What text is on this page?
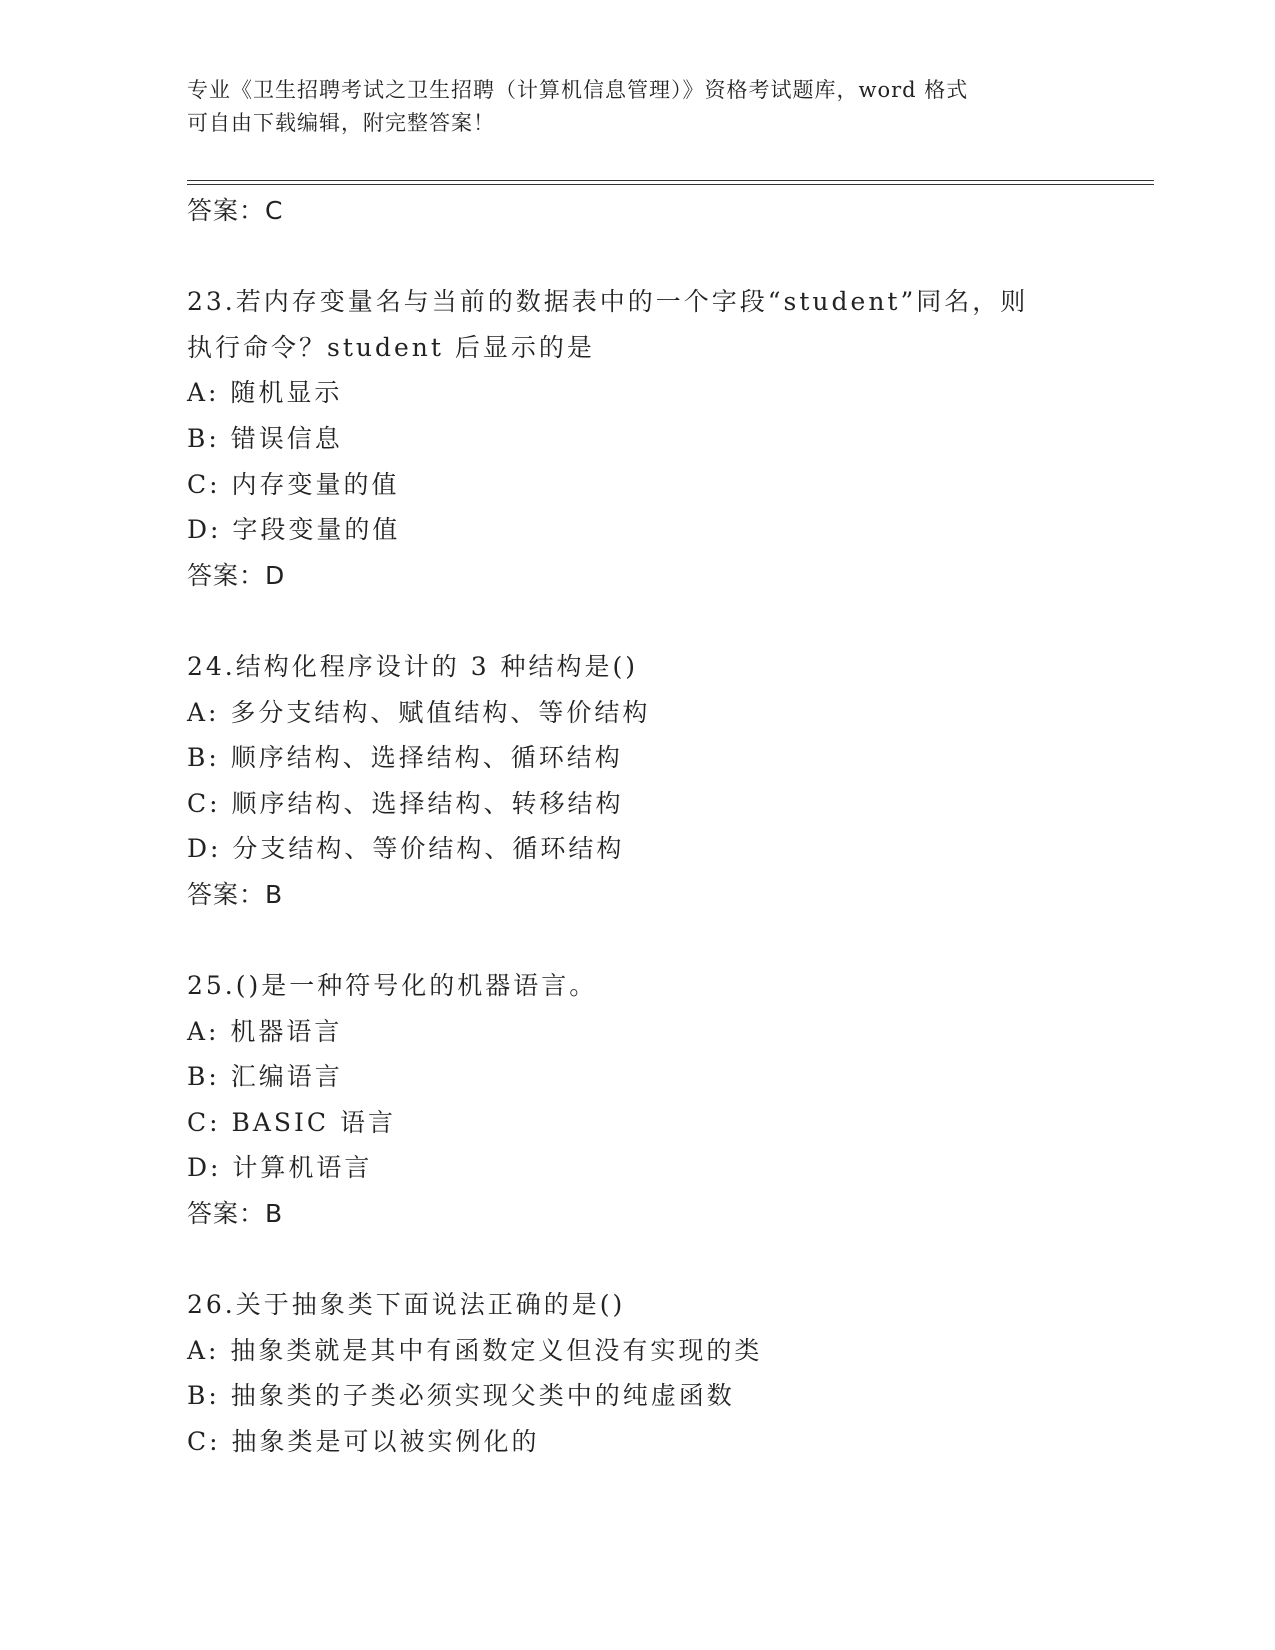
专业《卫生招聘考试之卫生招聘（计算机信息管理）》资格考试题库，word 格式
可自由下载编辑，附完整答案！
答案：C
23.若内存变量名与当前的数据表中的一个字段“student”同名，则
执行命令？student 后显示的是
A: 随机显示
B: 错误信息
C: 内存变量的值
D: 字段变量的值
答案：D
24.结构化程序设计的 3 种结构是()
A: 多分支结构、赋值结构、等价结构
B: 顺序结构、选择结构、循环结构
C: 顺序结构、选择结构、转移结构
D: 分支结构、等价结构、循环结构
答案：B
25.()是一种符号化的机器语言。
A: 机器语言
B: 汇编语言
C: BASIC 语言
D: 计算机语言
答案：B
26.关于抽象类下面说法正确的是()
A: 抽象类就是其中有函数定义但没有实现的类
B: 抽象类的子类必须实现父类中的纯虚函数
C: 抽象类是可以被实例化的
